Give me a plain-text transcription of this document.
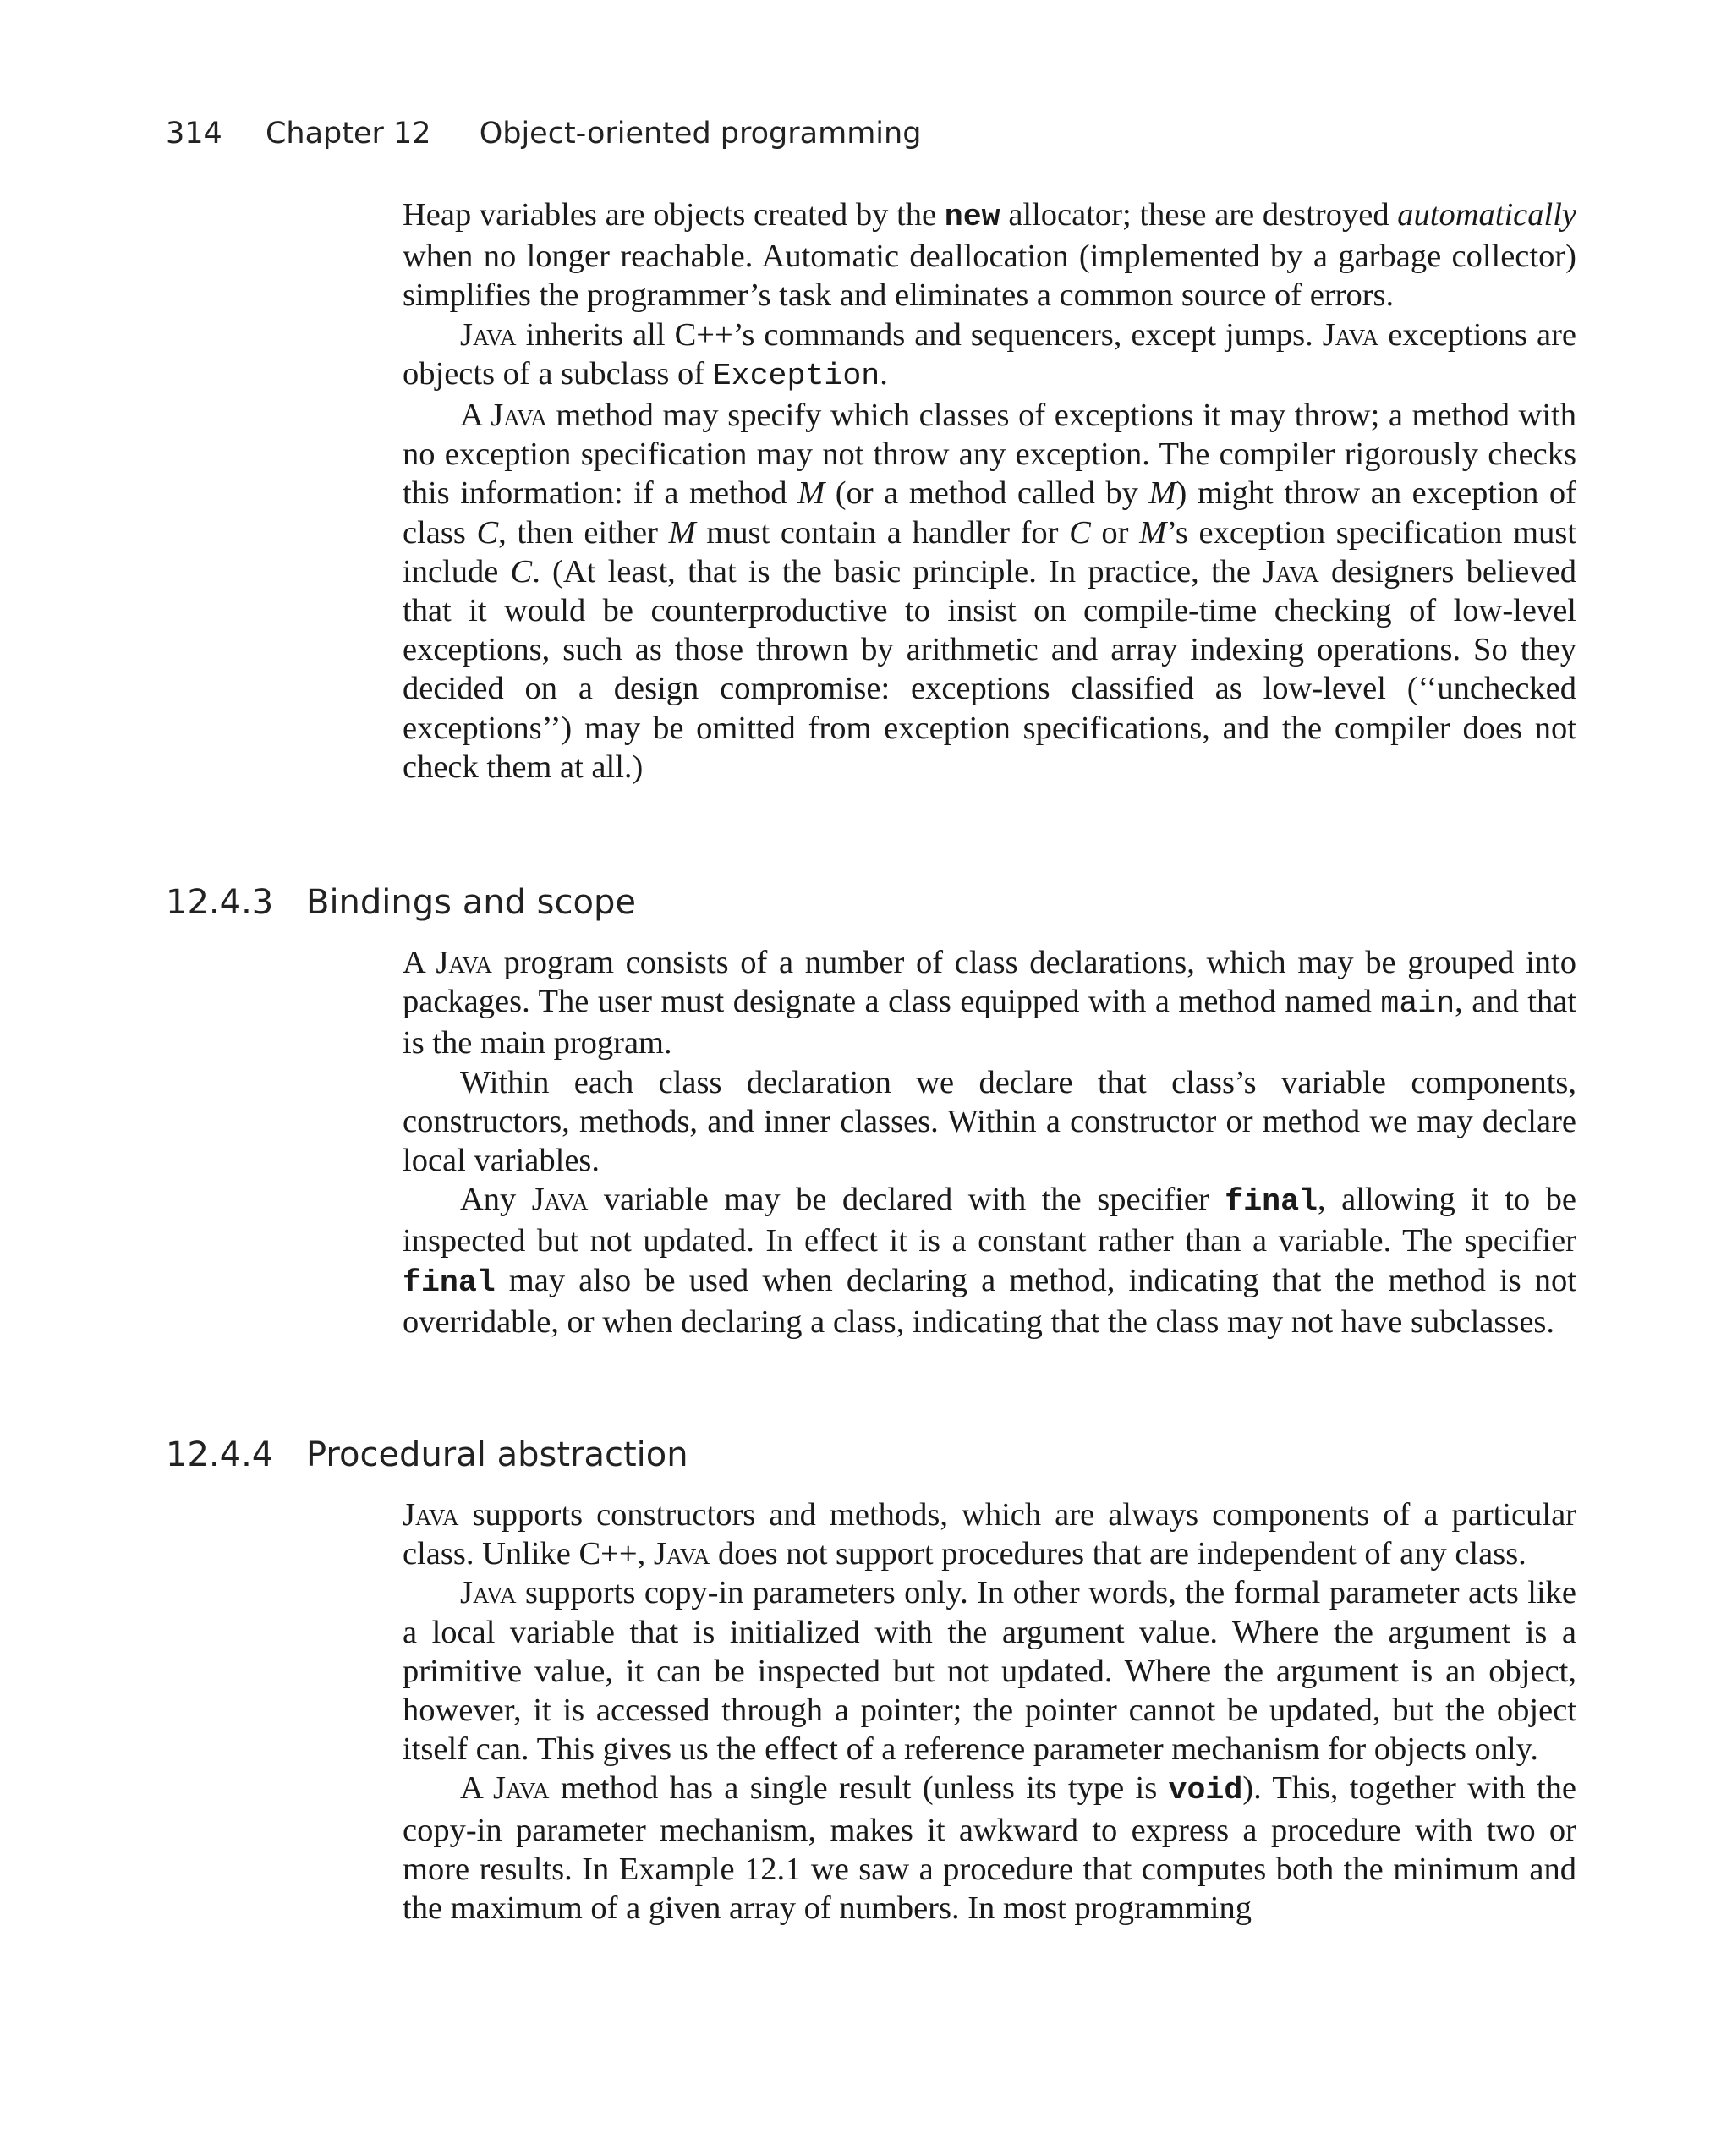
314 Chapter 12 Object-oriented programming

Heap variables are objects created by the new allocator; these are destroyed automatically when no longer reachable. Automatic deallocation (implemented by a garbage collector) simplifies the programmer’s task and eliminates a common source of errors.

Java inherits all C++’s commands and sequencers, except jumps. Java exceptions are objects of a subclass of Exception.

A Java method may specify which classes of exceptions it may throw; a method with no exception specification may not throw any exception. The compiler rigorously checks this information: if a method M (or a method called by M) might throw an exception of class C, then either M must contain a handler for C or M’s exception specification must include C. (At least, that is the basic principle. In practice, the Java designers believed that it would be counterproductive to insist on compile-time checking of low-level exceptions, such as those thrown by arithmetic and array indexing operations. So they decided on a design compromise: exceptions classified as low-level (‘‘unchecked exceptions’’) may be omitted from exception specifications, and the compiler does not check them at all.)

12.4.3 Bindings and scope

A Java program consists of a number of class declarations, which may be grouped into packages. The user must designate a class equipped with a method named main, and that is the main program.

Within each class declaration we declare that class’s variable components, constructors, methods, and inner classes. Within a constructor or method we may declare local variables.

Any Java variable may be declared with the specifier final, allowing it to be inspected but not updated. In effect it is a constant rather than a variable. The specifier final may also be used when declaring a method, indicating that the method is not overridable, or when declaring a class, indicating that the class may not have subclasses.

12.4.4 Procedural abstraction

Java supports constructors and methods, which are always components of a particular class. Unlike C++, Java does not support procedures that are independent of any class.

Java supports copy-in parameters only. In other words, the formal parameter acts like a local variable that is initialized with the argument value. Where the argument is a primitive value, it can be inspected but not updated. Where the argument is an object, however, it is accessed through a pointer; the pointer cannot be updated, but the object itself can. This gives us the effect of a reference parameter mechanism for objects only.

A Java method has a single result (unless its type is void). This, together with the copy-in parameter mechanism, makes it awkward to express a procedure with two or more results. In Example 12.1 we saw a procedure that computes both the minimum and the maximum of a given array of numbers. In most programming
